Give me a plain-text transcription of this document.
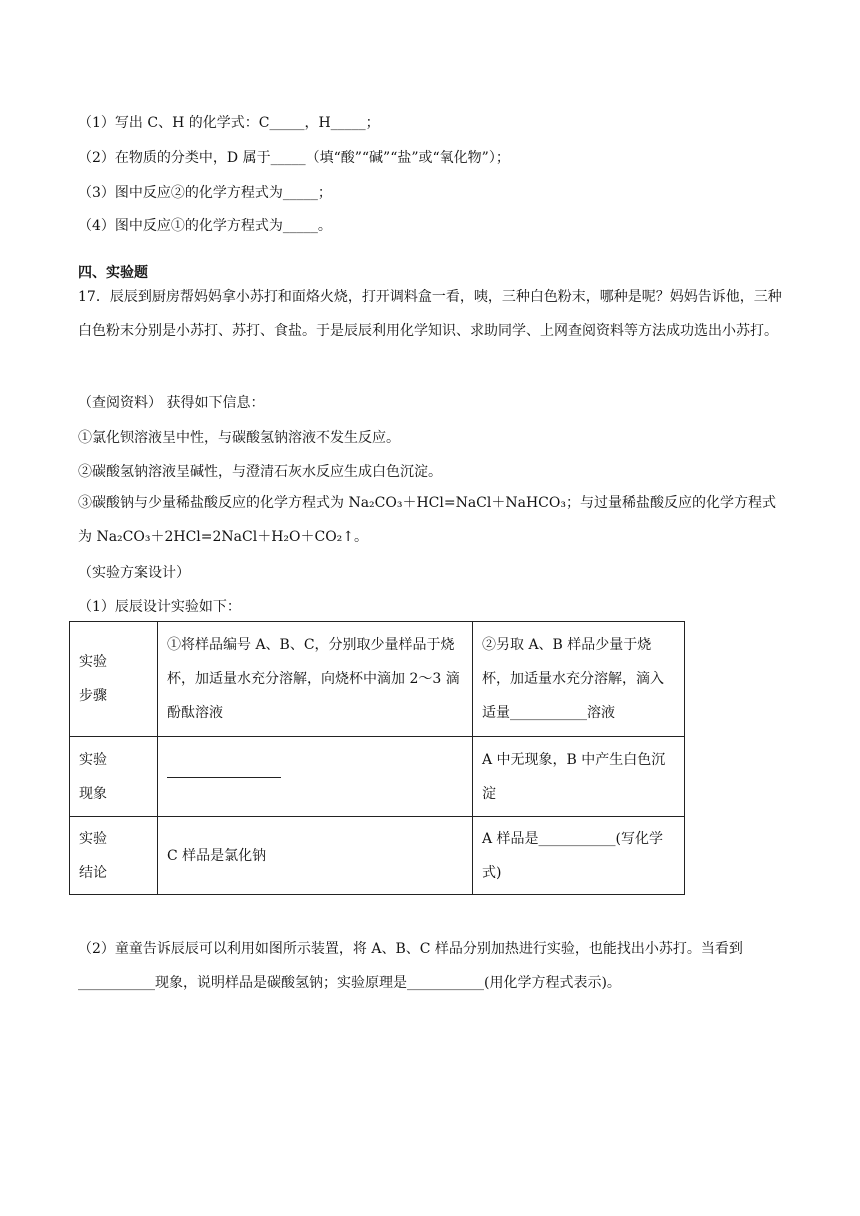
（1）写出 C、H 的化学式：C_____，H_____；
（2）在物质的分类中，D 属于_____（填“酸”“碱”“盐”或“氧化物”）；
（3）图中反应②的化学方程式为_____；
（4）图中反应①的化学方程式为_____。
四、实验题
17．辰辰到厨房帮妈妈拿小苏打和面烙火烧，打开调料盒一看，咦，三种白色粉末，哪种是呢？妈妈告诉他，三种白色粉末分别是小苏打、苏打、食盐。于是辰辰利用化学知识、求助同学、上网查阅资料等方法成功选出小苏打。
（查阅资料） 获得如下信息：
①氯化钡溶液呈中性，与碳酸氢钠溶液不发生反应。
②碳酸氢钠溶液呈碱性，与澄清石灰水反应生成白色沉淀。
③碳酸钠与少量稀盐酸反应的化学方程式为 Na₂CO₃＋HCl=NaCl＋NaHCO₃；与过量稀盐酸反应的化学方程式为 Na₂CO₃＋2HCl=2NaCl＋H₂O＋CO₂↑。
（实验方案设计）
（1）辰辰设计实验如下：
实验
步骤	①将样品编号 A、B、C，分别取少量样品于烧杯，加适量水充分溶解，向烧杯中滴加 2～3 滴酚酞溶液	②另取 A、B 样品少量于烧杯，加适量水充分溶解，滴入适量___________溶液
实验
现象		A 中无现象，B 中产生白色沉淀
实验
结论	C 样品是氯化钠	A 样品是___________(写化学式)
（2）童童告诉辰辰可以利用如图所示装置，将 A、B、C 样品分别加热进行实验，也能找出小苏打。当看到___________现象，说明样品是碳酸氢钠；实验原理是___________(用化学方程式表示)。
